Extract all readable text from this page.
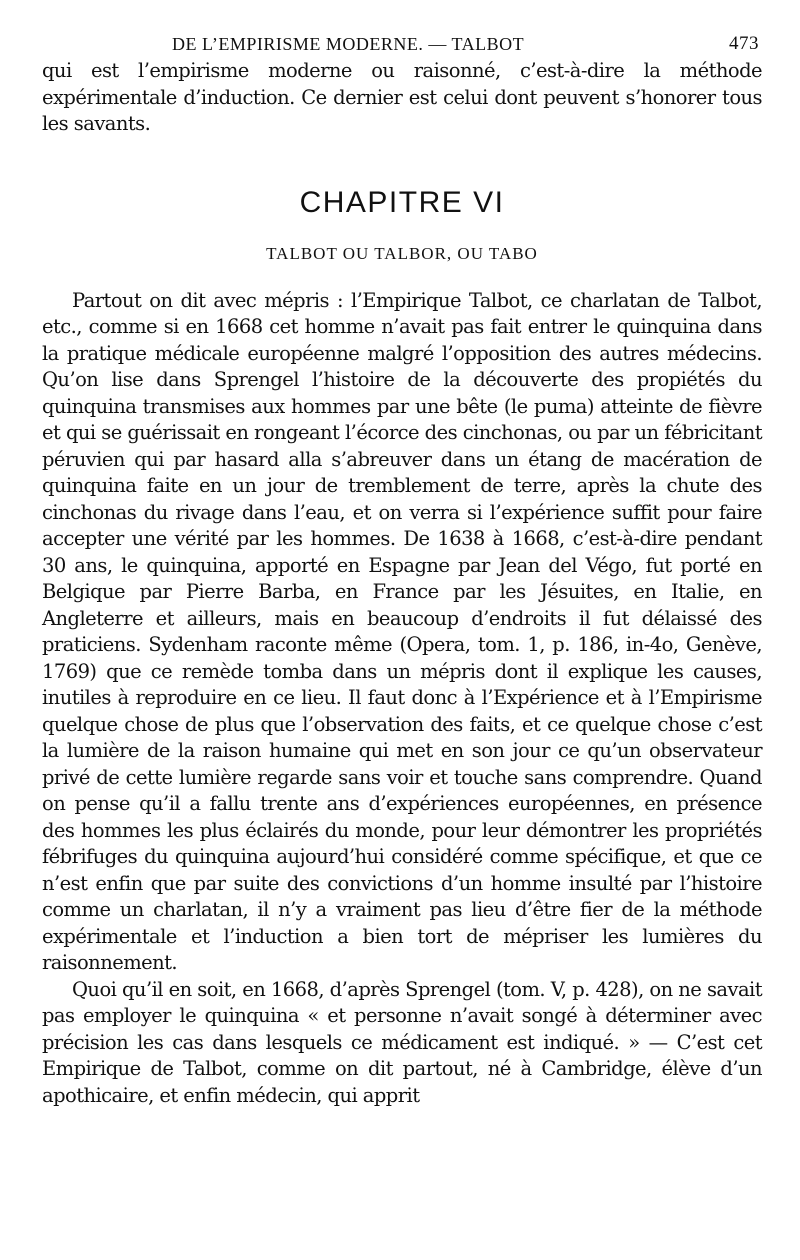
DE L’EMPIRISME MODERNE. — TALBOT	473

qui est l’empirisme moderne ou raisonné, c’est-à-dire la méthode expérimentale d’induction. Ce dernier est celui dont peuvent s’honorer tous les savants.

CHAPITRE VI
TALBOT OU TALBOR, OU TABO

Partout on dit avec mépris : l’Empirique Talbot, ce charlatan de Talbot, etc., comme si en 1668 cet homme n’avait pas fait entrer le quinquina dans la pratique médicale européenne malgré l’opposition des autres médecins. Qu’on lise dans Sprengel l’histoire de la découverte des propiétés du quinquina transmises aux hommes par une bête (le puma) atteinte de fièvre et qui se guérissait en rongeant l’écorce des cinchonas, ou par un fébricitant péruvien qui par hasard alla s’abreuver dans un étang de macération de quinquina faite en un jour de tremblement de terre, après la chute des cinchonas du rivage dans l’eau, et on verra si l’expérience suffit pour faire accepter une vérité par les hommes. De 1638 à 1668, c’est-à-dire pendant 30 ans, le quinquina, apporté en Espagne par Jean del Végo, fut porté en Belgique par Pierre Barba, en France par les Jésuites, en Italie, en Angleterre et ailleurs, mais en beaucoup d’endroits il fut délaissé des praticiens. Sydenham raconte même (Opera, tom. 1, p. 186, in-4o, Genève, 1769) que ce remède tomba dans un mépris dont il explique les causes, inutiles à reproduire en ce lieu. Il faut donc à l’Expérience et à l’Empirisme quelque chose de plus que l’observation des faits, et ce quelque chose c’est la lumière de la raison humaine qui met en son jour ce qu’un observateur privé de cette lumière regarde sans voir et touche sans comprendre. Quand on pense qu’il a fallu trente ans d’expériences européennes, en présence des hommes les plus éclairés du monde, pour leur démontrer les propriétés fébrifuges du quinquina aujourd’hui considéré comme spécifique, et que ce n’est enfin que par suite des convictions d’un homme insulté par l’histoire comme un charlatan, il n’y a vraiment pas lieu d’être fier de la méthode expérimentale et l’induction a bien tort de mépriser les lumières du raisonnement.

Quoi qu’il en soit, en 1668, d’après Sprengel (tom. V, p. 428), on ne savait pas employer le quinquina « et personne n’avait songé à déterminer avec précision les cas dans lesquels ce médicament est indiqué. » — C’est cet Empirique de Talbot, comme on dit partout, né à Cambridge, élève d’un apothicaire, et enfin médecin, qui apprit
